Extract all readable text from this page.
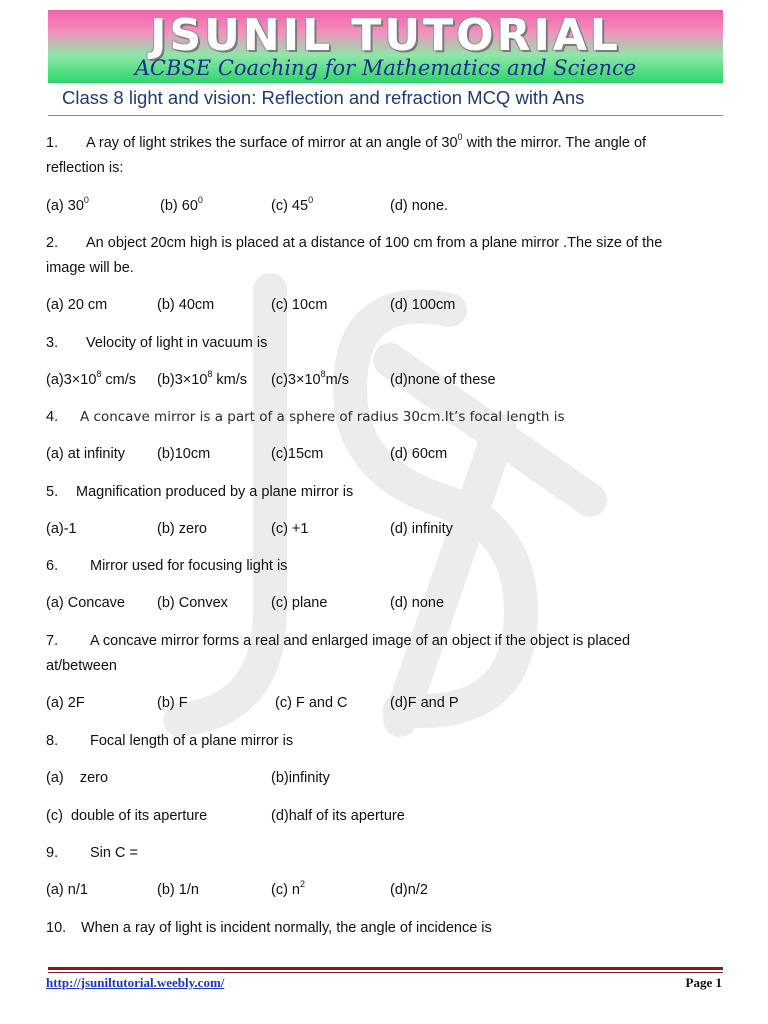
JSUNIL TUTORIAL
ACBSE Coaching for Mathematics and Science
Class 8 light and vision: Reflection and refraction MCQ with Ans
1. A ray of light strikes the surface of mirror at an angle of $30^0$ with the mirror. The angle of
reflection is:
(a) $30^0$	(b) $60^0$	(c) $45^0$	(d) none.
2. An object 20cm high is placed at a distance of 100 cm from a plane mirror .The size of the
image will be.
(a) 20 cm	(b) 40cm	(c) 10cm	(d) 100cm
3. Velocity of light in vacuum is
$(a)3\times 10^8$ cm/s $(b)3\times 10^8$ km/s $(c)3\times 10^8m/s$	(d)none of these
4. A concave mirror is a part of a sphere of radius 30cm.It’s focal length is
(a) at infinity (b)10cm	(c)15cm	(d) 60cm
5. Magnification produced by a plane mirror is
(a)-1	(b) zero	(c) +1	(d) infinity
6. Mirror used for focusing light is
(a) Concave (b) Convex	(c) plane	(d) none
7. A concave mirror forms a real and enlarged image of an object if the object is placed
at/between
(a) 2F	(b) F	(c) F and C	(d)F and P
8. Focal length of a plane mirror is
(a)    zero	(b)infinity
(c)  double of its aperture	(d)half of its aperture
9. Sin C =
(a) n/1	(b) 1/n	(c) $n^2$	(d)n/2
10. When a ray of light is incident normally, the angle of incidence is
http://jsuniltutorial.weebly.com/	Page 1
